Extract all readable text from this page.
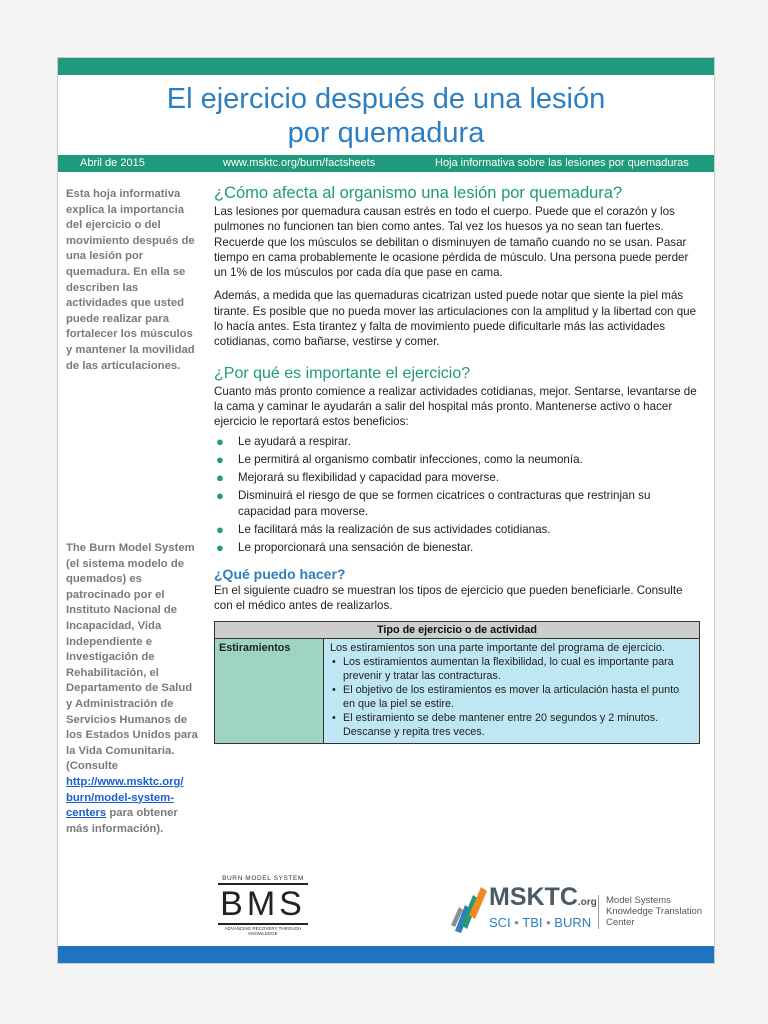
El ejercicio después de una lesión
por quemadura
Abril de 2015	www.msktc.org/burn/factsheets	Hoja informativa sobre las lesiones por quemaduras
Esta hoja informativa explica la importancia del ejercicio o del movimiento después de una lesión por quemadura. En ella se describen las actividades que usted puede realizar para fortalecer los músculos y mantener la movilidad de las articulaciones.
The Burn Model System (el sistema modelo de quemados) es patrocinado por el Instituto Nacional de Incapacidad, Vida Independiente e Investigación de Rehabilitación, el Departamento de Salud y Administración de Servicios Humanos de los Estados Unidos para la Vida Comunitaria. (Consulte http://www.msktc.org/ burn/model-system-centers para obtener más información).
¿Cómo afecta al organismo una lesión por quemadura?

Las lesiones por quemadura causan estrés en todo el cuerpo. Puede que el corazón y los pulmones no funcionen tan bien como antes. Tal vez los huesos ya no sean tan fuertes. Recuerde que los músculos se debilitan o disminuyen de tamaño cuando no se usan. Pasar tiempo en cama probablemente le ocasione pérdida de músculo. Una persona puede perder un 1% de los músculos por cada día que pase en cama.

Además, a medida que las quemaduras cicatrizan usted puede notar que siente la piel más tirante. Es posible que no pueda mover las articulaciones con la amplitud y la libertad con que lo hacía antes. Esta tirantez y falta de movimiento puede dificultarle más las actividades cotidianas, como bañarse, vestirse y comer.

¿Por qué es importante el ejercicio?

Cuanto más pronto comience a realizar actividades cotidianas, mejor. Sentarse, levantarse de la cama y caminar le ayudarán a salir del hospital más pronto. Mantenerse activo o hacer ejercicio le reportará estos beneficios:

● Le ayudará a respirar.
● Le permitirá al organismo combatir infecciones, como la neumonía.
● Mejorará su flexibilidad y capacidad para moverse.
● Disminuirá el riesgo de que se formen cicatrices o contracturas que restrinjan su capacidad para moverse.
● Le facilitará más la realización de sus actividades cotidianas.
● Le proporcionará una sensación de bienestar.
¿Qué puedo hacer?

En el siguiente cuadro se muestran los tipos de ejercicio que pueden beneficiarle. Consulte con el médico antes de realizarlos.

Tipo de ejercicio o de actividad
Estiramientos	Los estiramientos son una parte importante del programa de ejercicio.
• Los estiramientos aumentan la flexibilidad, lo cual es importante para prevenir y tratar las contracturas.
• El objetivo de los estiramientos es mover la articulación hasta el punto en que la piel se estire.
• El estiramiento se debe mantener entre 20 segundos y 2 minutos. Descanse y repita tres veces.
BURN MODEL SYSTEM
BMS
ADVANCING RECOVERY THROUGH KNOWLEDGE
MSKTC.org
SCI • TBI • BURN
Model Systems
Knowledge Translation
Center
